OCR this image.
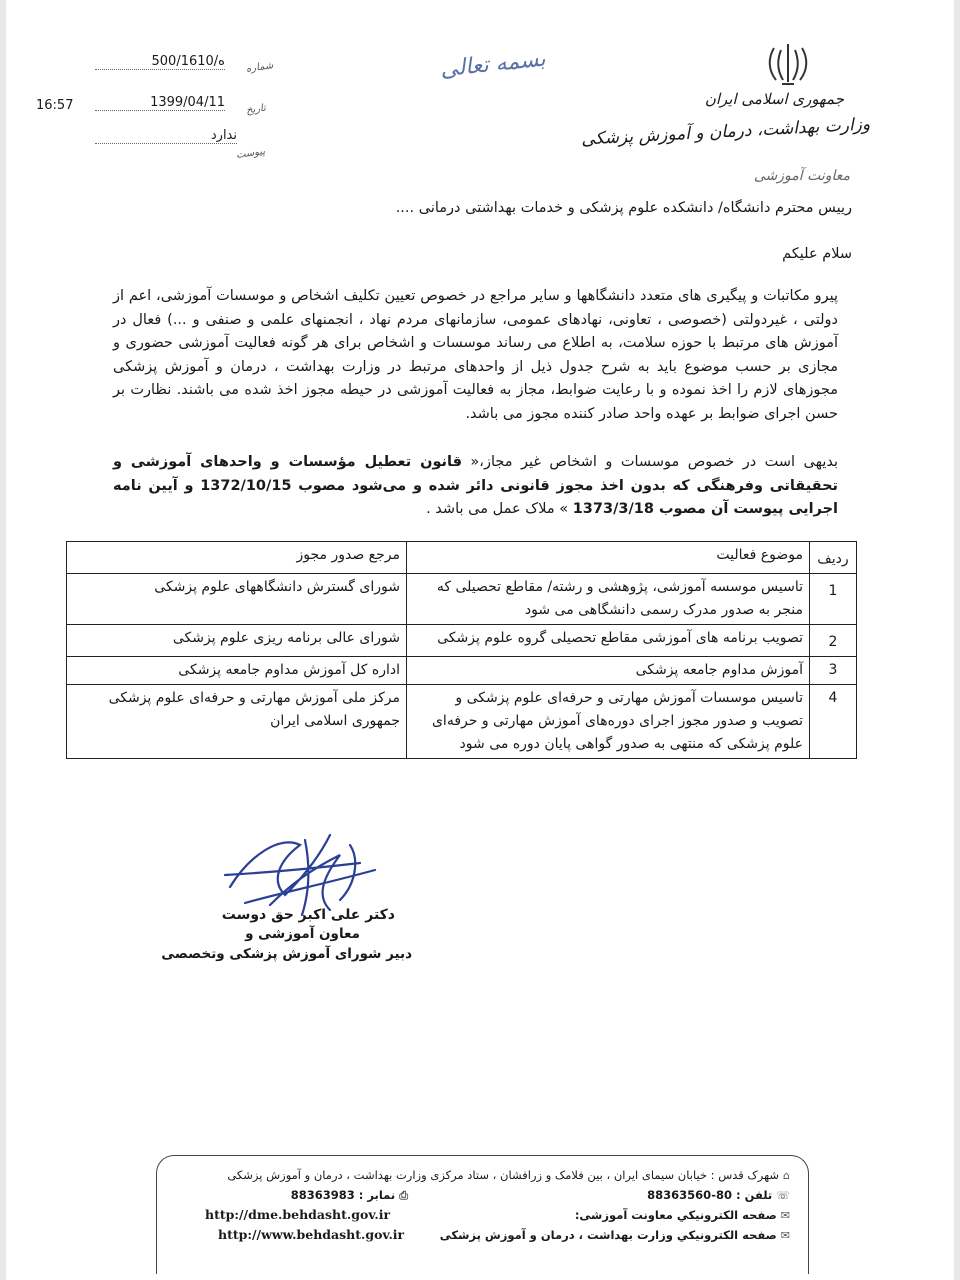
ه/500/1610 شماره
16:57	1399/04/11 تاریخ
ندارد
پیوست
بسمه تعالی
جمهوری اسلامی ایران
وزارت بهداشت، درمان و آموزش پزشکی
معاونت آموزشی
رییس محترم دانشگاه/ دانشکده علوم پزشکی و خدمات بهداشتی درمانی ....
سلام علیکم
پیرو مکاتبات و پیگیری های متعدد دانشگاهها و سایر مراجع در خصوص تعیین تکلیف اشخاص و موسسات آموزشی، اعم از دولتی ، غیردولتی (خصوصی ، تعاونی، نهادهای عمومی، سازمانهای مردم نهاد ، انجمنهای علمی و صنفی و ...) فعال در آموزش های مرتبط با حوزه سلامت، به اطلاع می رساند موسسات و اشخاص برای هر گونه فعالیت آموزشی حضوری و مجازی بر حسب موضوع باید به شرح جدول ذیل از واحدهای مرتبط در وزارت بهداشت ، درمان و آموزش پزشکی مجوزهای لازم را اخذ نموده و با رعایت ضوابط، مجاز به فعالیت آموزشی در حیطه مجوز اخذ شده می باشند. نظارت بر حسن اجرای ضوابط بر عهده واحد صادر کننده مجوز می باشد.
بدیهی است در خصوص موسسات و اشخاص غیر مجاز،« قانون تعطیل مؤسسات و واحدهای آموزشی و تحقیقاتی وفرهنگی که بدون اخذ مجوز قانونی دائر شده و می‌شود مصوب 1372/10/15 و آیین نامه اجرایی پیوست آن مصوب 1373/3/18 » ملاک عمل می باشد .
ردیف	موضوع فعالیت	مرجع صدور مجوز
1	تاسیس موسسه آموزشی، پژوهشی و رشته/ مقاطع تحصیلی که منجر به صدور مدرک رسمی دانشگاهی می شود	شورای گسترش دانشگاههای علوم پزشکی
2	تصویب برنامه های آموزشی مقاطع تحصیلی گروه علوم پزشکی	شورای عالی برنامه ریزی علوم پزشکی
3	آموزش مداوم جامعه پزشکی	اداره کل آموزش مداوم جامعه پزشکی
4	تاسیس موسسات آموزش مهارتی و حرفه‌ای علوم پزشکی و تصویب و صدور مجوز اجرای دوره‌های آموزش مهارتی و حرفه‌ای علوم پزشکی که منتهی به صدور گواهی پایان دوره می شود	مرکز ملی آموزش مهارتی و حرفه‌ای علوم پزشکی جمهوری اسلامی ایران
دکتر علی اکبر حق دوست
معاون آموزشی و
دبیر شورای آموزش پزشکی وتخصصی
⌂شهرک قدس : خیابان سیمای ایران ، بین فلامک و زرافشان ، ستاد مرکزی وزارت بهداشت ، درمان و آموزش پزشکی
☏تلفن : 80-88363560
⎙نمابر : 88363983
✉صفحه الکترونیکي معاونت آموزشی:
http://dme.behdasht.gov.ir
✉صفحه الکترونیکي وزارت بهداشت ، درمان و آموزش پزشکی
http://www.behdasht.gov.ir
